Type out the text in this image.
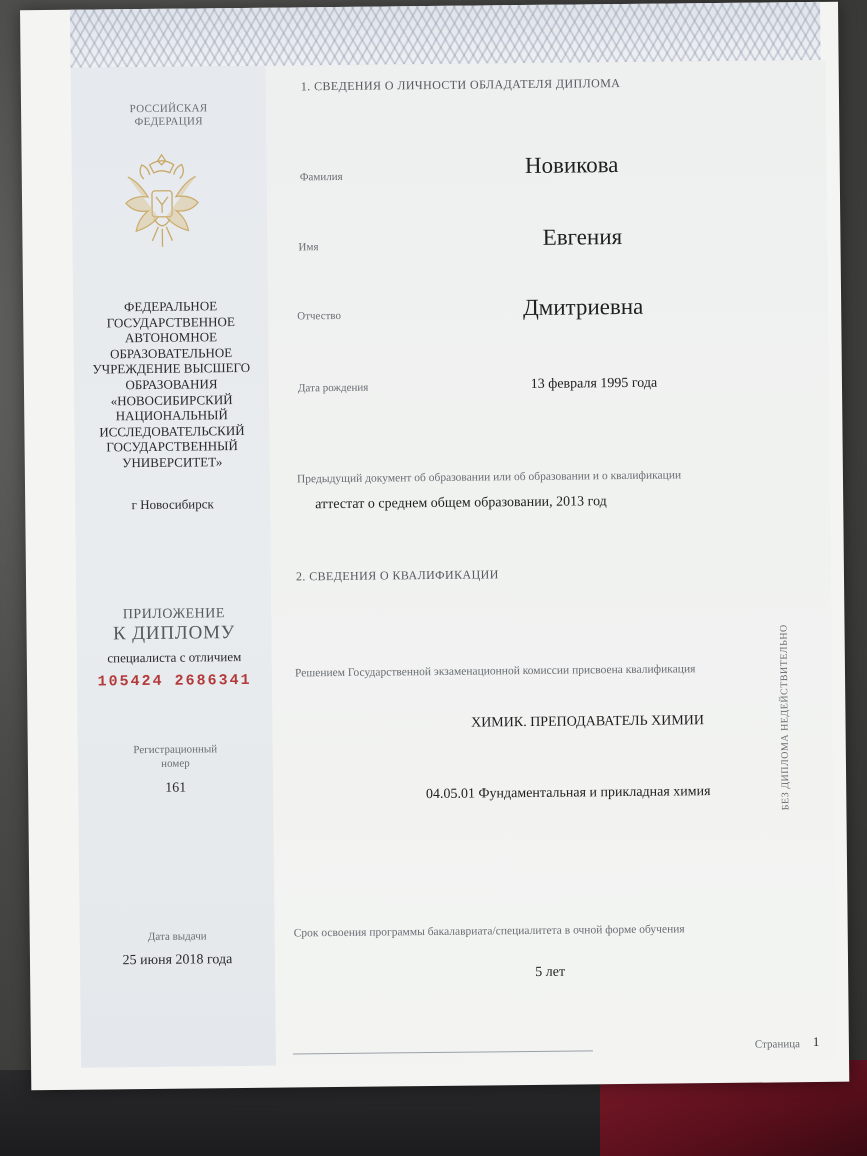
РОССИЙСКАЯ
ФЕДЕРАЦИЯ
ФЕДЕРАЛЬНОЕ
ГОСУДАРСТВЕННОЕ
АВТОНОМНОЕ
ОБРАЗОВАТЕЛЬНОЕ
УЧРЕЖДЕНИЕ ВЫСШЕГО
ОБРАЗОВАНИЯ
«НОВОСИБИРСКИЙ
НАЦИОНАЛЬНЫЙ
ИССЛЕДОВАТЕЛЬСКИЙ
ГОСУДАРСТВЕННЫЙ
УНИВЕРСИТЕТ»
г Новосибирск
ПРИЛОЖЕНИЕ
К ДИПЛОМУ
специалиста с отличием
105424 2686341
Регистрационный
номер
161
Дата выдачи
25 июня 2018 года
1. СВЕДЕНИЯ О ЛИЧНОСТИ ОБЛАДАТЕЛЯ ДИПЛОМА
Фамилия	Новикова
Имя	Евгения
Отчество	Дмитриевна
Дата рождения	13 февраля 1995 года
Предыдущий документ об образовании или об образовании и о квалификации
аттестат о среднем общем образовании, 2013 год
2. СВЕДЕНИЯ О КВАЛИФИКАЦИИ
Решением Государственной экзаменационной комиссии присвоена квалификация
ХИМИК. ПРЕПОДАВАТЕЛЬ ХИМИИ
04.05.01 Фундаментальная и прикладная химия
Срок освоения программы бакалавриата/специалитета в очной форме обучения
5 лет
БЕЗ ДИПЛОМА НЕДЕЙСТВИТЕЛЬНО
Страница 1
